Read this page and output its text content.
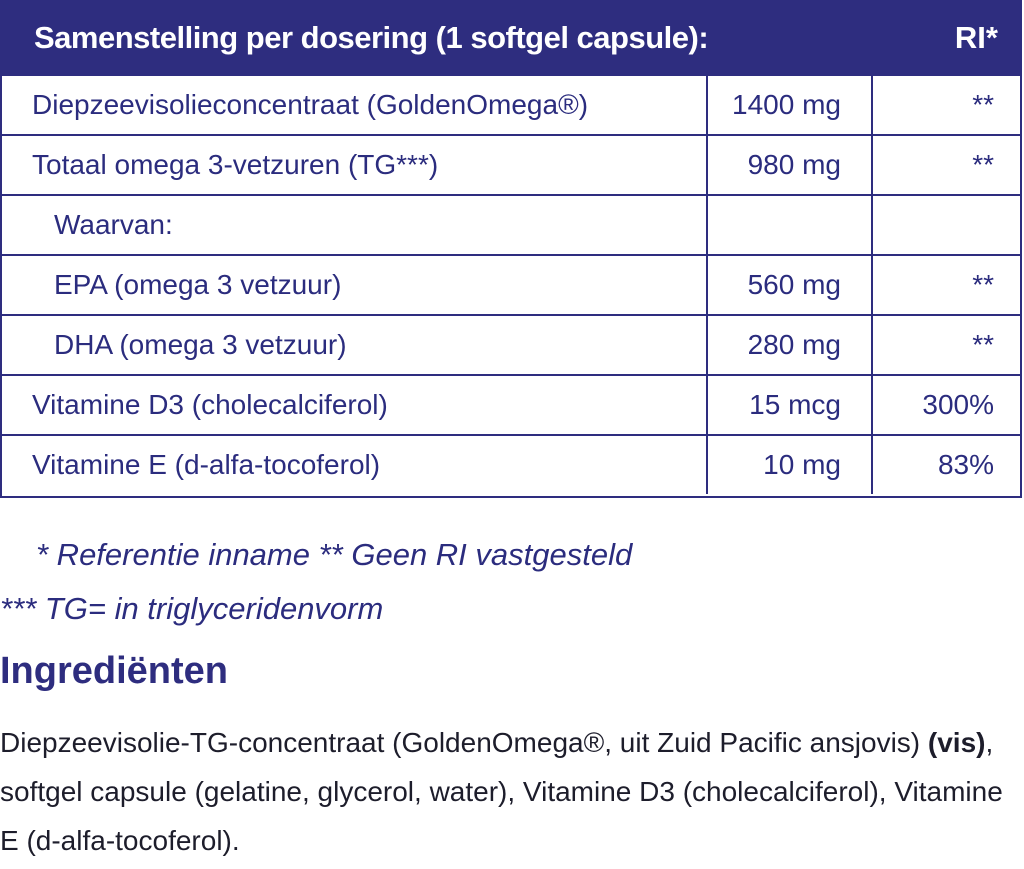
Samenstelling per dosering (1 softgel capsule):	RI*
Diepzeevisolieconcentraat (GoldenOmega®)	1400 mg	**
Totaal omega 3-vetzuren (TG***)	980 mg	**
Waarvan:
EPA (omega 3 vetzuur)	560 mg	**
DHA (omega 3 vetzuur)	280 mg	**
Vitamine D3 (cholecalciferol)	15 mcg	300%
Vitamine E (d-alfa-tocoferol)	10 mg	83%
* Referentie inname ** Geen RI vastgesteld
*** TG= in triglyceridenvorm
Ingrediënten
Diepzeevisolie-TG-concentraat (GoldenOmega®, uit Zuid Pacific ansjovis) (vis), softgel capsule (gelatine, glycerol, water), Vitamine D3 (cholecalciferol), Vitamine E (d-alfa-tocoferol).
